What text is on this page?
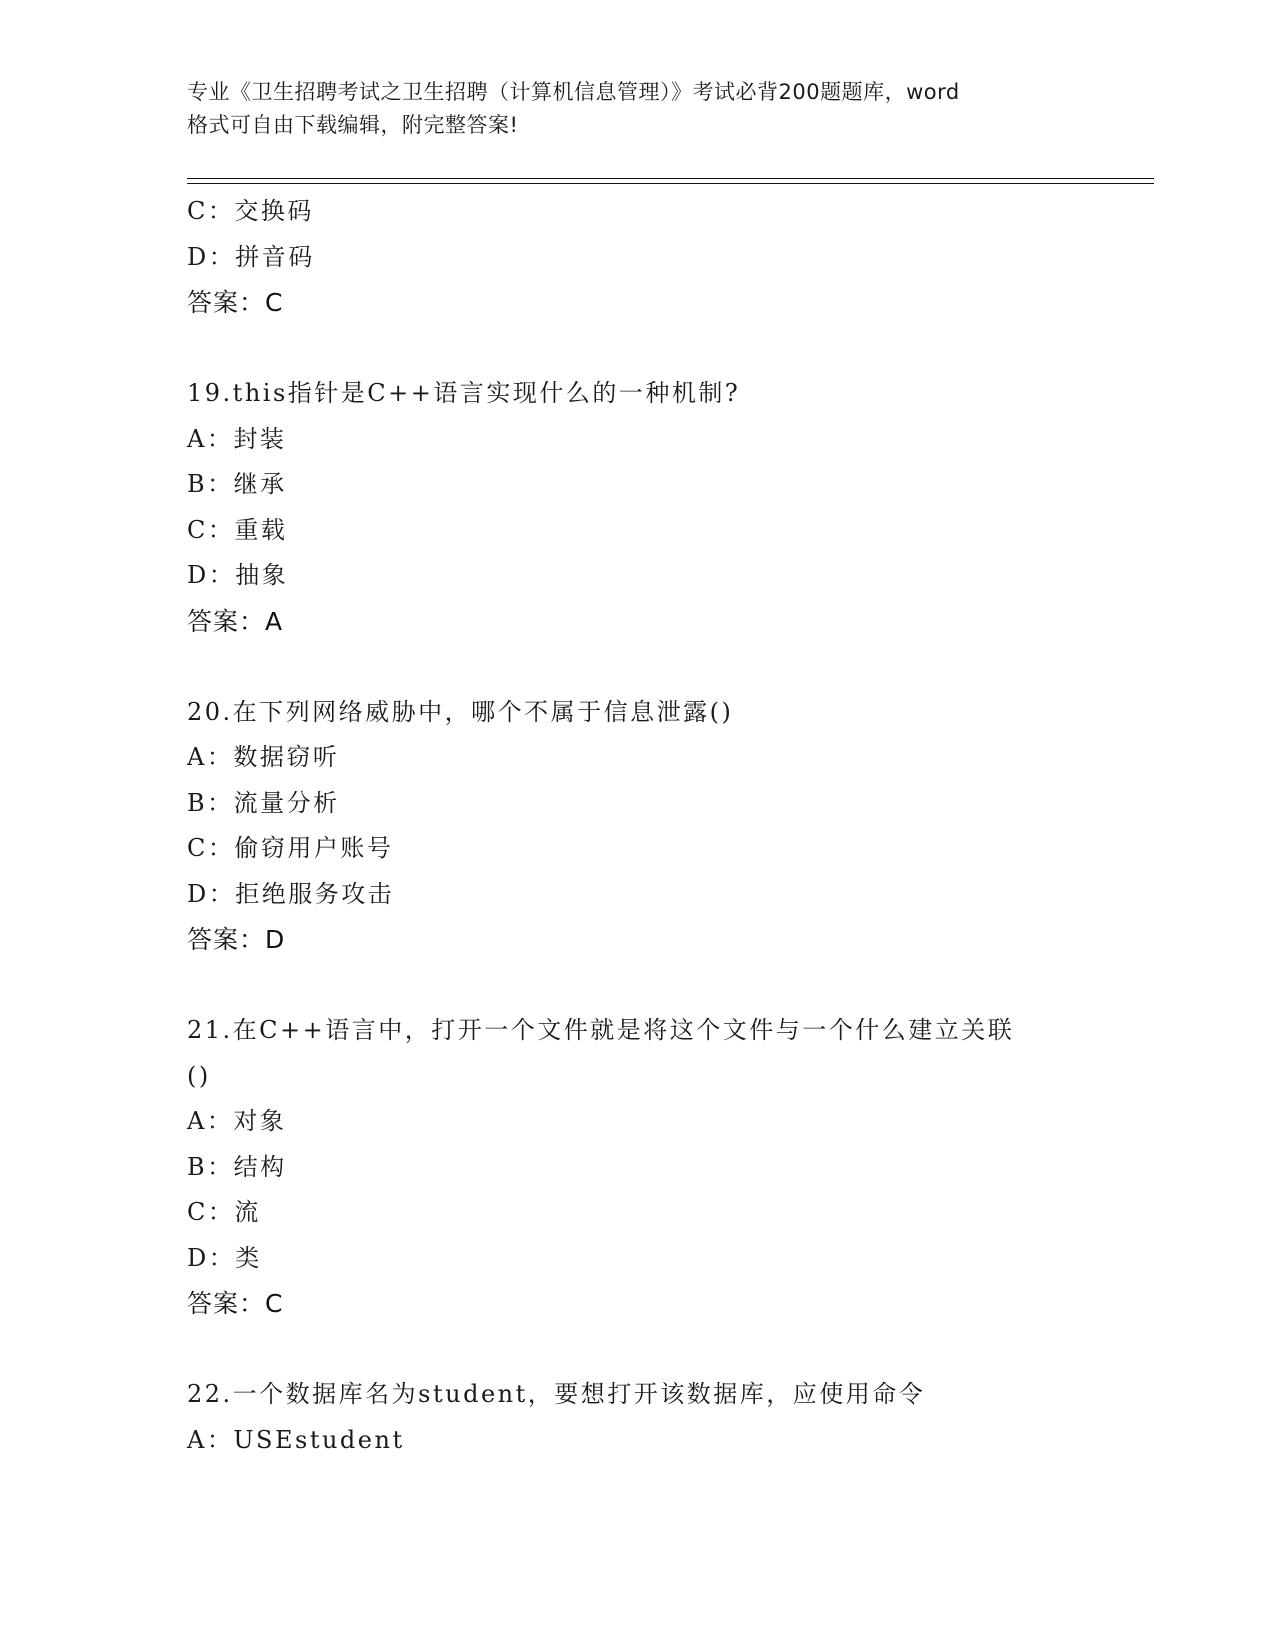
专业《卫生招聘考试之卫生招聘（计算机信息管理）》考试必背200题题库，word
格式可自由下载编辑，附完整答案!
C：交换码
D：拼音码
答案：C
19.this指针是C++语言实现什么的一种机制?
A：封装
B：继承
C：重载
D：抽象
答案：A
20.在下列网络威胁中，哪个不属于信息泄露()
A：数据窃听
B：流量分析
C：偷窃用户账号
D：拒绝服务攻击
答案：D
21.在C++语言中，打开一个文件就是将这个文件与一个什么建立关联
()
A：对象
B：结构
C：流
D：类
答案：C
22.一个数据库名为student，要想打开该数据库，应使用命令
A：USEstudent
